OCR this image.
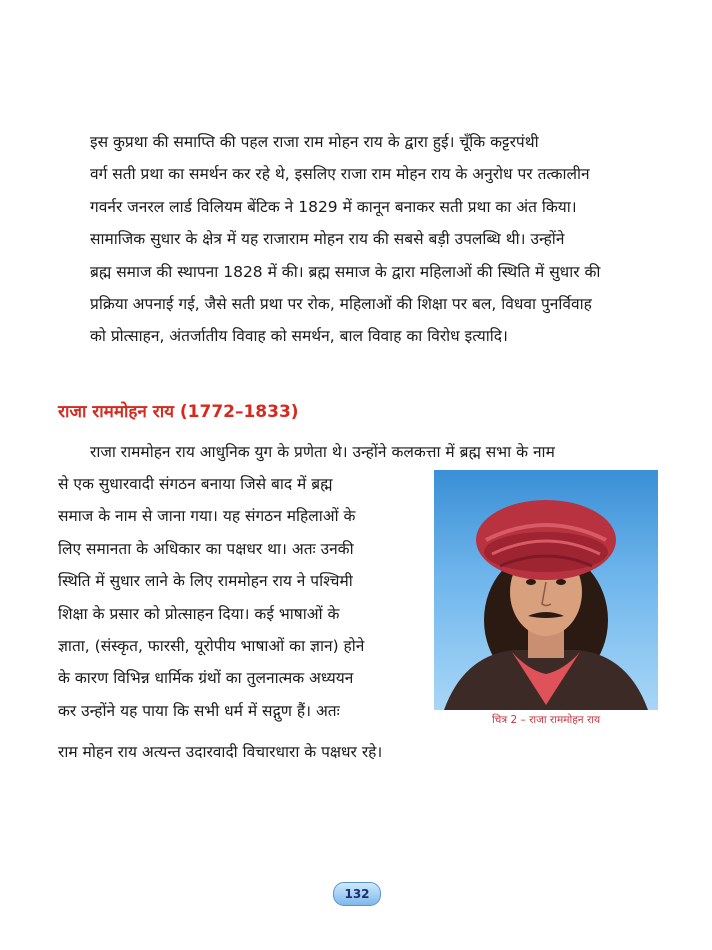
इस कुप्रथा की समाप्ति की पहल राजा राम मोहन राय के द्वारा हुई। चूँकि कट्टरपंथी
वर्ग सती प्रथा का समर्थन कर रहे थे, इसलिए राजा राम मोहन राय के अनुरोध पर तत्कालीन
गवर्नर जनरल लार्ड विलियम बेंटिक ने 1829 में कानून बनाकर सती प्रथा का अंत किया।
सामाजिक सुधार के क्षेत्र में यह राजाराम मोहन राय की सबसे बड़ी उपलब्धि थी। उन्होंने
ब्रह्म समाज की स्थापना 1828 में की। ब्रह्म समाज के द्वारा महिलाओं की स्थिति में सुधार की
प्रक्रिया अपनाई गई, जैसे सती प्रथा पर रोक, महिलाओं की शिक्षा पर बल, विधवा पुनर्विवाह
को प्रोत्साहन, अंतर्जातीय विवाह को समर्थन, बाल विवाह का विरोध इत्यादि।
राजा राममोहन राय (1772–1833)

राजा राममोहन राय आधुनिक युग के प्रणेता थे। उन्होंने कलकत्ता में ब्रह्म सभा के नाम

से एक सुधारवादी संगठन बनाया जिसे बाद में ब्रह्म
समाज के नाम से जाना गया। यह संगठन महिलाओं के
लिए समानता के अधिकार का पक्षधर था। अतः उनकी
स्थिति में सुधार लाने के लिए राममोहन राय ने पश्चिमी
शिक्षा के प्रसार को प्रोत्साहन दिया। कई भाषाओं के
ज्ञाता, (संस्कृत, फारसी, यूरोपीय भाषाओं का ज्ञान) होने
के कारण विभिन्न धार्मिक ग्रंथों का तुलनात्मक अध्ययन
कर उन्होंने यह पाया कि सभी धर्म में सद्गुण हैं। अतः

राम मोहन राय अत्यन्त उदारवादी विचारधारा के पक्षधर रहे।

चित्र 2 – राजा राममोहन राय

132
